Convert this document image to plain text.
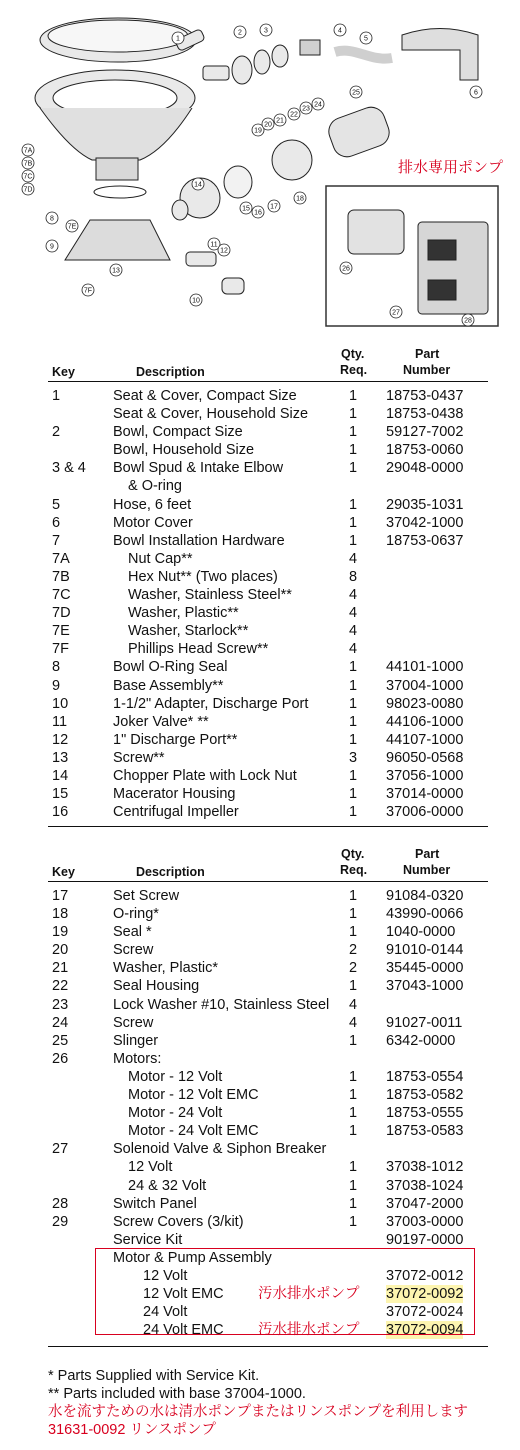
1
2	3	4
5
6
7A
7B
7C
7D
7E
7F
8
9
10
11
12
13
14
15
16
17
18
19
20
21
22
23
24
25
26
27
28
排水専用ポンプ
Key	Description
Qty.
Req.
Part
Number
1	Seat & Cover, Compact Size	1 18753-0437
Seat & Cover, Household Size	1 18753-0438
2	Bowl, Compact Size	1 59127-7002
Bowl, Household Size	1 18753-0060
3 & 4 Bowl Spud & Intake Elbow	1 29048-0000
& O-ring
5	Hose, 6 feet	1 29035-1031
6	Motor Cover	1 37042-1000
7	Bowl Installation Hardware	1 18753-0637
7A	Nut Cap**	4
7B	Hex Nut** (Two places)	8
7C	Washer, Stainless Steel**	4
7D	Washer, Plastic**	4
7E	Washer, Starlock**	4
7F	Phillips Head Screw**	4
8	Bowl O-Ring Seal	1 44101-1000
9	Base Assembly**	1 37004-1000
10	1-1/2" Adapter, Discharge Port	1 98023-0080
11	Joker Valve* **	1 44106-1000
12	1" Discharge Port**	1 44107-1000
13	Screw**	3 96050-0568
14	Chopper Plate with Lock Nut	1 37056-1000
15	Macerator Housing	1 37014-0000
16	Centrifugal Impeller	1 37006-0000
Key	Description
Qty.
Req.
Part
Number
17	Set Screw	1 91084-0320
18	O-ring*	1 43990-0066
19	Seal *	1 1040-0000
20	Screw	2 91010-0144
21	Washer, Plastic*	2 35445-0000
22	Seal Housing	1 37043-1000
23	Lock Washer #10, Stainless Steel 4
24	Screw	4 91027-0011
25	Slinger	1 6342-0000
26	Motors:
Motor - 12 Volt	1 18753-0554
Motor - 12 Volt EMC	1 18753-0582
Motor - 24 Volt	1 18753-0555
Motor - 24 Volt EMC	1 18753-0583
27	Solenoid Valve & Siphon Breaker
12 Volt	1 37038-1012
24 & 32 Volt	1 37038-1024
28	Switch Panel	1 37047-2000
29	Screw Covers (3/kit)	1 37003-0000
Service Kit	90197-0000
Motor & Pump Assembly
12 Volt	37072-0012
12 Volt EMC	37072-0092
汚水排水ポンプ
24 Volt	37072-0024
24 Volt EMC	37072-0094
汚水排水ポンプ
* Parts Supplied with Service Kit.
** Parts included with base 37004-1000.
水を流すための水は清水ポンプまたはリンスポンプを利用します
31631-0092 リンスポンプ
